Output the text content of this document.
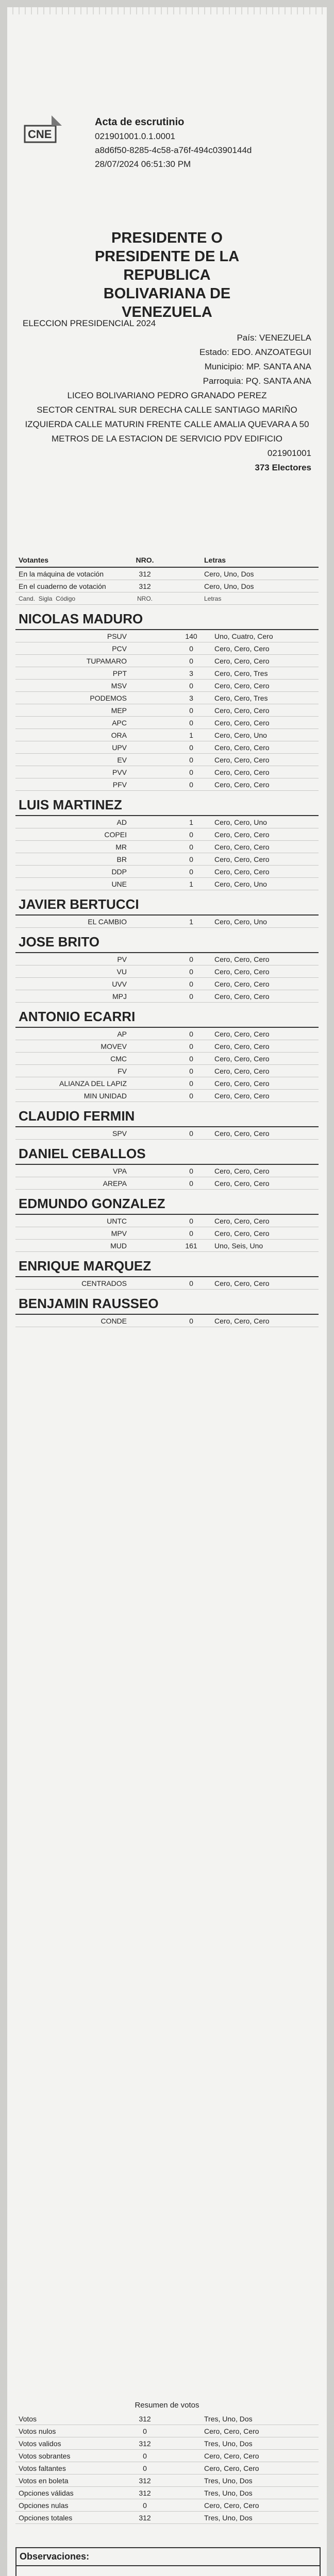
CNE
Acta de escrutinio
021901001.0.1.0001
a8d6f50-8285-4c58-a76f-494c0390144d
28/07/2024 06:51:30 PM
PRESIDENTE O
PRESIDENTE DE LA
REPUBLICA
BOLIVARIANA DE
VENEZUELA
ELECCION PRESIDENCIAL 2024
País: VENEZUELA
Estado: EDO. ANZOATEGUI
Municipio: MP. SANTA ANA
Parroquia: PQ. SANTA ANA
LICEO BOLIVARIANO PEDRO GRANADO PEREZ
SECTOR CENTRAL SUR DERECHA CALLE SANTIAGO MARIÑO IZQUIERDA CALLE MATURIN FRENTE CALLE AMALIA QUEVARA A 50 METROS DE LA ESTACION DE SERVICIO PDV EDIFICIO
021901001
373 Electores
Votantes	NRO.	Letras
En la máquina de votación	312	Cero, Uno, Dos
En el cuaderno de votación	312	Cero, Uno, Dos
Cand. Sigla Código	NRO.	Letras
NICOLAS MADURO
PSUV	140	Uno, Cuatro, Cero
PCV	0	Cero, Cero, Cero
TUPAMARO	0	Cero, Cero, Cero
PPT	3	Cero, Cero, Tres
MSV	0	Cero, Cero, Cero
PODEMOS	3	Cero, Cero, Tres
MEP	0	Cero, Cero, Cero
APC	0	Cero, Cero, Cero
ORA	1	Cero, Cero, Uno
UPV	0	Cero, Cero, Cero
EV	0	Cero, Cero, Cero
PVV	0	Cero, Cero, Cero
PFV	0	Cero, Cero, Cero
LUIS MARTINEZ
AD	1	Cero, Cero, Uno
COPEI	0	Cero, Cero, Cero
MR	0	Cero, Cero, Cero
BR	0	Cero, Cero, Cero
DDP	0	Cero, Cero, Cero
UNE	1	Cero, Cero, Uno
JAVIER BERTUCCI
EL CAMBIO	1	Cero, Cero, Uno
JOSE BRITO
PV	0	Cero, Cero, Cero
VU	0	Cero, Cero, Cero
UVV	0	Cero, Cero, Cero
MPJ	0	Cero, Cero, Cero
ANTONIO ECARRI
AP	0	Cero, Cero, Cero
MOVEV	0	Cero, Cero, Cero
CMC	0	Cero, Cero, Cero
FV	0	Cero, Cero, Cero
ALIANZA DEL LAPIZ	0	Cero, Cero, Cero
MIN UNIDAD	0	Cero, Cero, Cero
CLAUDIO FERMIN
SPV	0	Cero, Cero, Cero
DANIEL CEBALLOS
VPA	0	Cero, Cero, Cero
AREPA	0	Cero, Cero, Cero
EDMUNDO GONZALEZ
UNTC	0	Cero, Cero, Cero
MPV	0	Cero, Cero, Cero
MUD	161	Uno, Seis, Uno
ENRIQUE MARQUEZ
CENTRADOS	0	Cero, Cero, Cero
BENJAMIN RAUSSEO
CONDE	0	Cero, Cero, Cero
Resumen de votos
Votos	312	Tres, Uno, Dos
Votos nulos	0	Cero, Cero, Cero
Votos validos	312	Tres, Uno, Dos
Votos sobrantes	0	Cero, Cero, Cero
Votos faltantes	0	Cero, Cero, Cero
Votos en boleta	312	Tres, Uno, Dos
Opciones válidas	312	Tres, Uno, Dos
Opciones nulas	0	Cero, Cero, Cero
Opciones totales	312	Tres, Uno, Dos
Observaciones:
